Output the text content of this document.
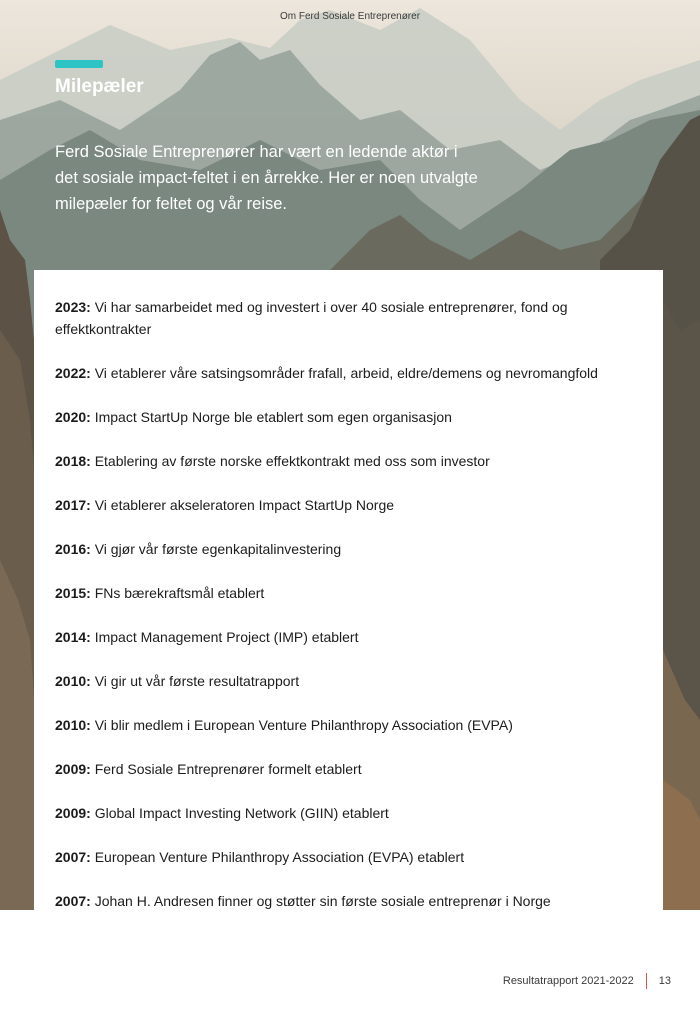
Om Ferd Sosiale Entreprenører
Milepæler

Ferd Sosiale Entreprenører har vært en ledende aktør i det sosiale impact-feltet i en årrekke. Her er noen utvalgte milepæler for feltet og vår reise.

2023: Vi har samarbeidet med og investert i over 40 sosiale entreprenører, fond og effektkontrakter
2022: Vi etablerer våre satsingsområder frafall, arbeid, eldre/demens og nevromangfold
2020: Impact StartUp Norge ble etablert som egen organisasjon
2018: Etablering av første norske effektkontrakt med oss som investor
2017: Vi etablerer akseleratoren Impact StartUp Norge
2016: Vi gjør vår første egenkapitalinvestering
2015: FNs bærekraftsmål etablert
2014: Impact Management Project (IMP) etablert
2010: Vi gir ut vår første resultatrapport
2010: Vi blir medlem i European Venture Philanthropy Association (EVPA)
2009: Ferd Sosiale Entreprenører formelt etablert
2009: Global Impact Investing Network (GIIN) etablert
2007: European Venture Philanthropy Association (EVPA) etablert
2007: Johan H. Andresen finner og støtter sin første sosiale entreprenør i Norge
Resultatrapport 2021-2022 13
